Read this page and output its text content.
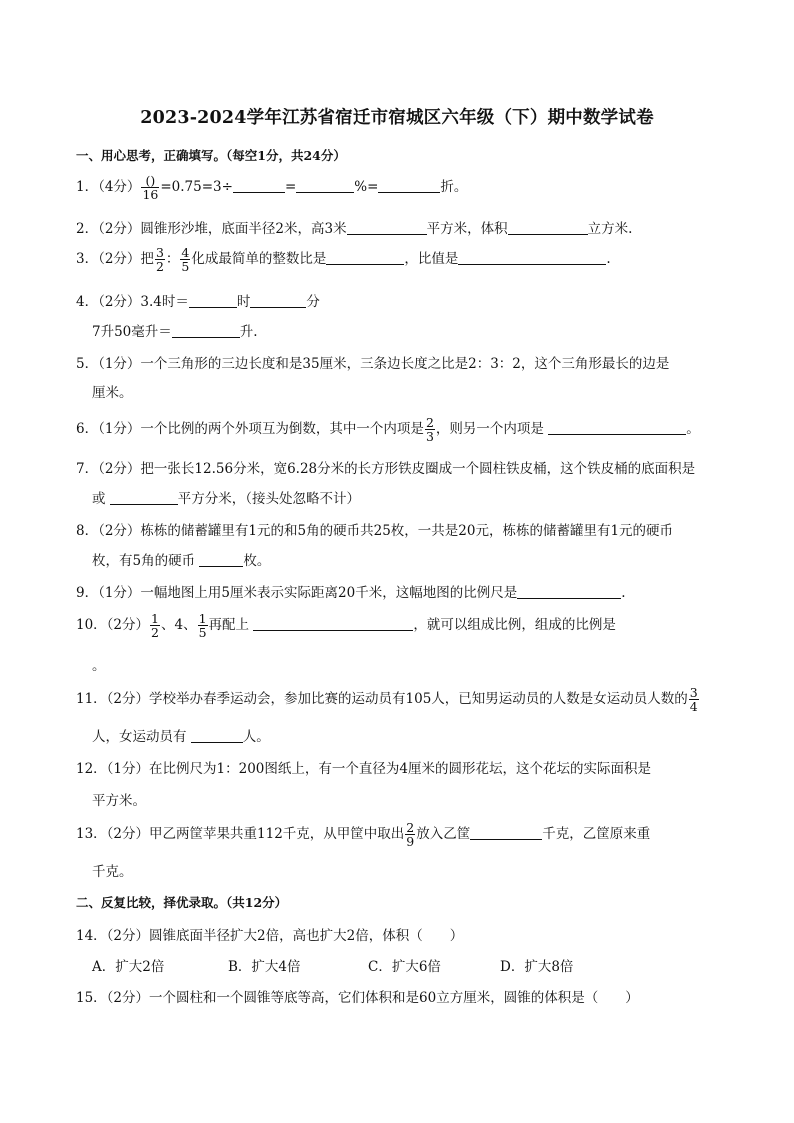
2023-2024学年江苏省宿迁市宿城区六年级（下）期中数学试卷
一、用心思考，正确填写。（每空1分，共24分）
1．（4分） $\frac{()}{16} =0.75=3\div$	=	%=	折。
2．（2分）圆锥形沙堆，底面半径2米，高3米	平方米，体积	立方米.
3．（2分）把 $\frac{3}{2}$ ： $\frac{4}{5}$ 化成最简单的整数比是	，比值是	.
4．（2分）3.4时＝	时	分
7升50毫升＝	升.
5．（1分）一个三角形的三边长度和是35厘米，三条边长度之比是2：3：2，这个三角形最长的边是
厘米。
6．（1分）一个比例的两个外项互为倒数，其中一个内项是 $\frac{2}{3}$ ，则另一个内项是	。
7．（2分）把一张长12.56分米，宽6.28分米的长方形铁皮圈成一个圆柱铁皮桶，这个铁皮桶的底面积是
或	平方分米，（接头处忽略不计）
8．（2分）栋栋的储蓄罐里有1元的和5角的硬币共25枚，一共是20元，栋栋的储蓄罐里有1元的硬币
枚，有5角的硬币	枚。
9．（1分）一幅地图上用5厘米表示实际距离20千米，这幅地图的比例尺是	.
10．（2分） $\frac{1}{2}$ 、4、 $\frac{1}{5}$ 再配上	，就可以组成比例，组成的比例是
。
11．（2分）学校举办春季运动会，参加比赛的运动员有105人，已知男运动员的人数是女运动员人数的 $\frac{3}{4}$
人，女运动员有	人。
12．（1分）在比例尺为1：200图纸上，有一个直径为4厘米的圆形花坛，这个花坛的实际面积是
平方米。
13．（2分）甲乙两筐苹果共重112千克，从甲筐中取出 $\frac{2}{9}$ 放入乙筐	千克，乙筐原来重
千克。
二、反复比较，择优录取。（共12分）
14．（2分）圆锥底面半径扩大2倍，高也扩大2倍，体积（　　）
A．扩大2倍	B．扩大4倍	C．扩大6倍	D．扩大8倍
15．（2分）一个圆柱和一个圆锥等底等高，它们体积和是60立方厘米，圆锥的体积是（　　）
